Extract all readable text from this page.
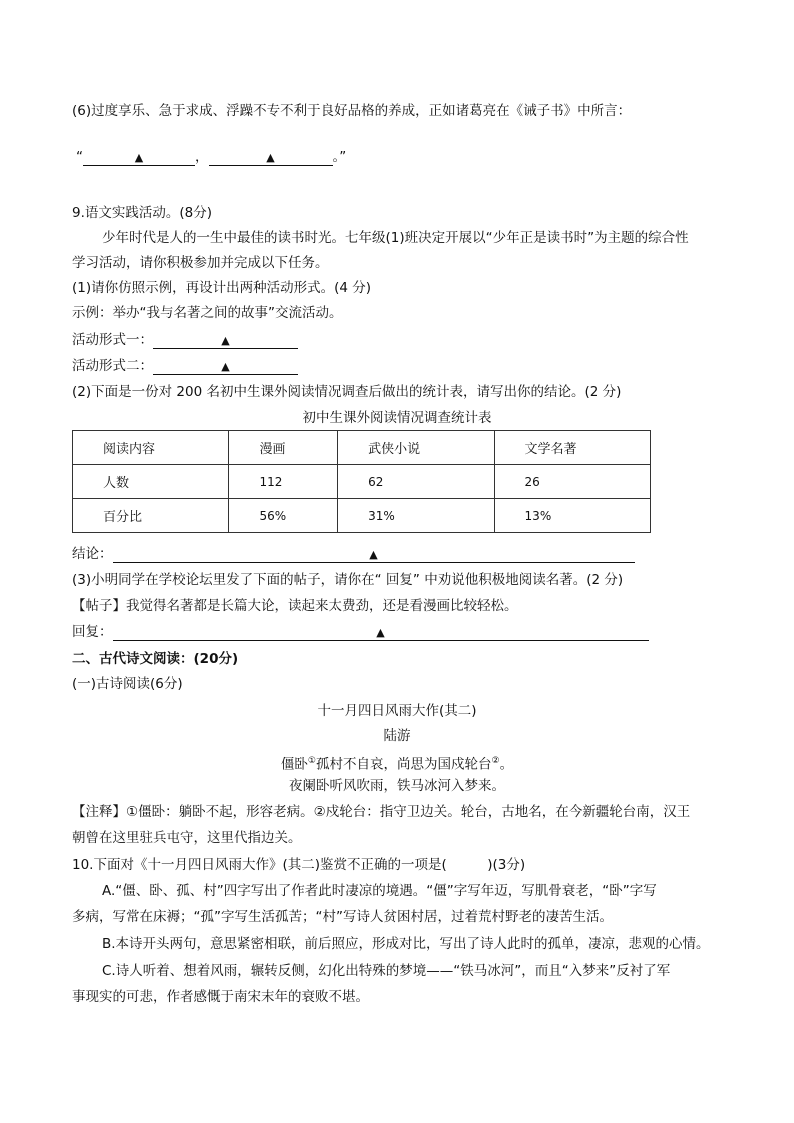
(6)过度享乐、急于求成、浮躁不专不利于良好品格的养成，正如诸葛亮在《诫子书》中所言：
“	▲	，	▲	。”
9.语文实践活动。(8分)
少年时代是人的一生中最佳的读书时光。七年级(1)班决定开展以“少年正是读书时”为主题的综合性
学习活动，请你积极参加并完成以下任务。
(1)请你仿照示例，再设计出两种活动形式。(4 分)
示例：举办“我与名著之间的故事”交流活动。
活动形式一：	▲
活动形式二：	▲
(2)下面是一份对 200 名初中生课外阅读情况调查后做出的统计表，请写出你的结论。(2 分)
初中生课外阅读情况调查统计表
阅读内容	漫画	武侠小说	文学名著
人数	112	62	26
百分比	56%	31%	13%
结论：	▲
(3)小明同学在学校论坛里发了下面的帖子，请你在“ 回复” 中劝说他积极地阅读名著。(2 分)
【帖子】我觉得名著都是长篇大论，读起来太费劲，还是看漫画比较轻松。
回复：	▲
二、古代诗文阅读：(20分)
(一)古诗阅读(6分)
十一月四日风雨大作(其二)
陆游
僵卧①孤村不自哀，尚思为国戍轮台②。
夜阑卧听风吹雨，铁马冰河入梦来。
【注释】①僵卧：躺卧不起，形容老病。②戍轮台：指守卫边关。轮台，古地名，在今新疆轮台南，汉王
朝曾在这里驻兵屯守，这里代指边关。
10.下面对《十一月四日风雨大作》(其二)鉴赏不正确的一项是(　　　)(3分)
A.“僵、卧、孤、村”四字写出了作者此时凄凉的境遇。“僵”字写年迈，写肌骨衰老，“卧”字写
多病，写常在床褥；“孤”字写生活孤苦；“村”写诗人贫困村居，过着荒村野老的凄苦生活。
B.本诗开头两句，意思紧密相联，前后照应，形成对比，写出了诗人此时的孤单，凄凉，悲观的心情。
C.诗人听着、想着风雨，辗转反侧，幻化出特殊的梦境——“铁马冰河”，而且“入梦来”反衬了军
事现实的可悲，作者感慨于南宋末年的衰败不堪。
